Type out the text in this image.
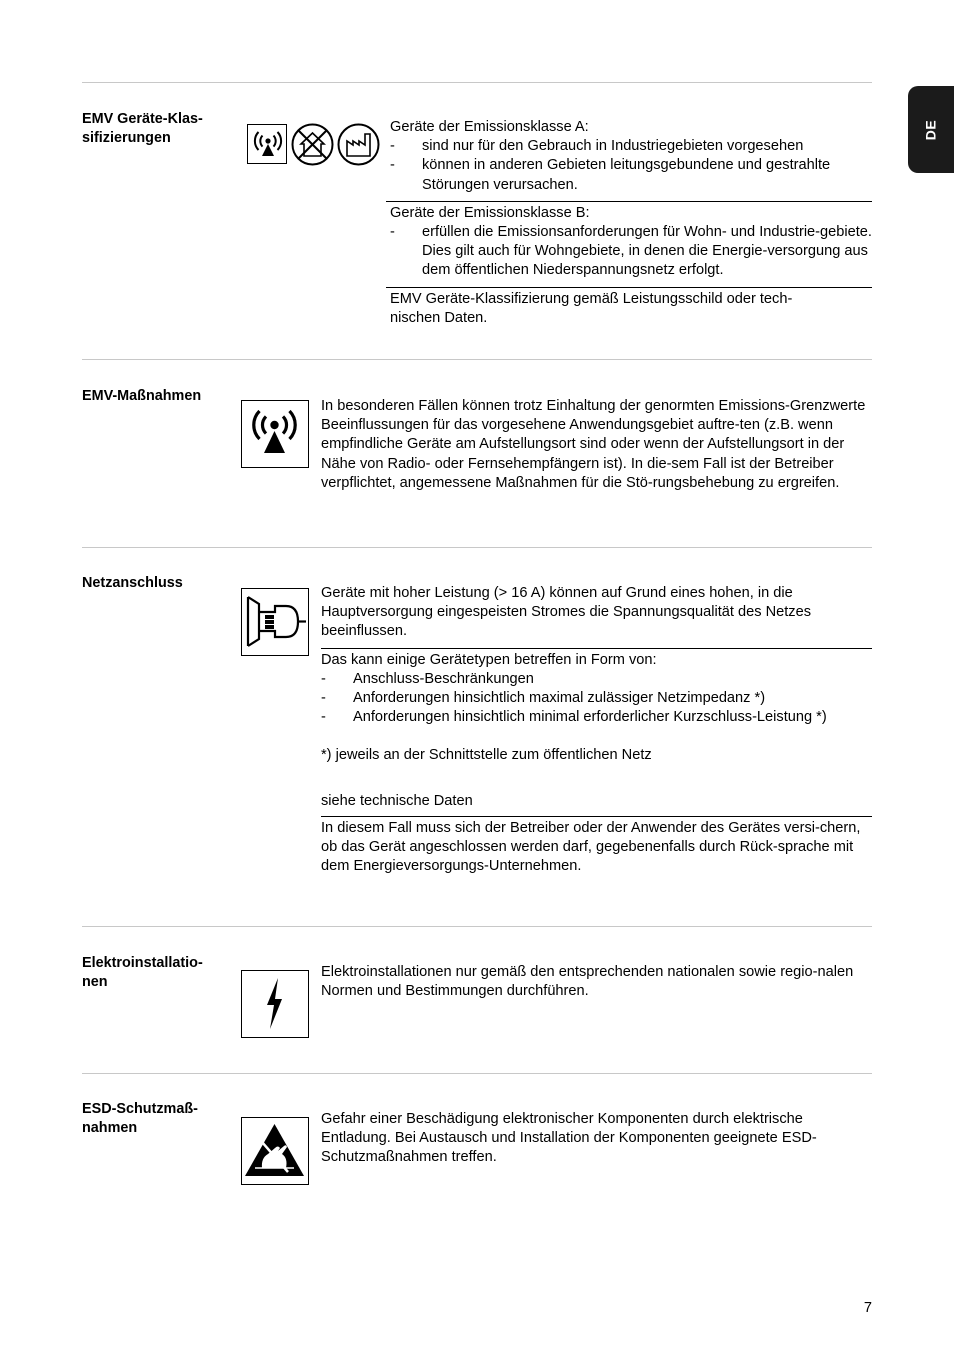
DE
EMV Geräte-Klas-
sifizierungen

Geräte der Emissionsklasse A:

- sind nur für den Gebrauch in Industriegebieten vorgesehen
- können in anderen Gebieten leitungsgebundene und gestrahlte Störungen verursachen.

Geräte der Emissionsklasse B:

- erfüllen die Emissionsanforderungen für Wohn- und Industrie-gebiete. Dies gilt auch für Wohngebiete, in denen die Energie-versorgung aus dem öffentlichen Niederspannungsnetz erfolgt.

EMV Geräte-Klassifizierung gemäß Leistungsschild oder tech-nischen Daten.

EMV-Maßnahmen
In besonderen Fällen können trotz Einhaltung der genormten Emissions-Grenzwerte Beeinflussungen für das vorgesehene Anwendungsgebiet auftre-ten (z.B. wenn empfindliche Geräte am Aufstellungsort sind oder wenn der Aufstellungsort in der Nähe von Radio- oder Fernsehempfängern ist). In die-sem Fall ist der Betreiber verpflichtet, angemessene Maßnahmen für die Stö-rungsbehebung zu ergreifen.
Netzanschluss

Geräte mit hoher Leistung (> 16 A) können auf Grund eines hohen, in die Hauptversorgung eingespeisten Stromes die Spannungsqualität des Netzes beeinflussen.

Das kann einige Gerätetypen betreffen in Form von:

- Anschluss-Beschränkungen
- Anforderungen hinsichtlich maximal zulässiger Netzimpedanz *)
- Anforderungen hinsichtlich minimal erforderlicher Kurzschluss-Leistung *)

*) jeweils an der Schnittstelle zum öffentlichen Netz

siehe technische Daten

In diesem Fall muss sich der Betreiber oder der Anwender des Gerätes versi-chern, ob das Gerät angeschlossen werden darf, gegebenenfalls durch Rück-sprache mit dem Energieversorgungs-Unternehmen.

Elektroinstallatio-
nen
Elektroinstallationen nur gemäß den entsprechenden nationalen sowie regio-nalen Normen und Bestimmungen durchführen.
ESD-Schutzmaß-
nahmen
Gefahr einer Beschädigung elektronischer Komponenten durch elektrische Entladung. Bei Austausch und Installation der Komponenten geeignete ESD-Schutzmaßnahmen treffen.
7
